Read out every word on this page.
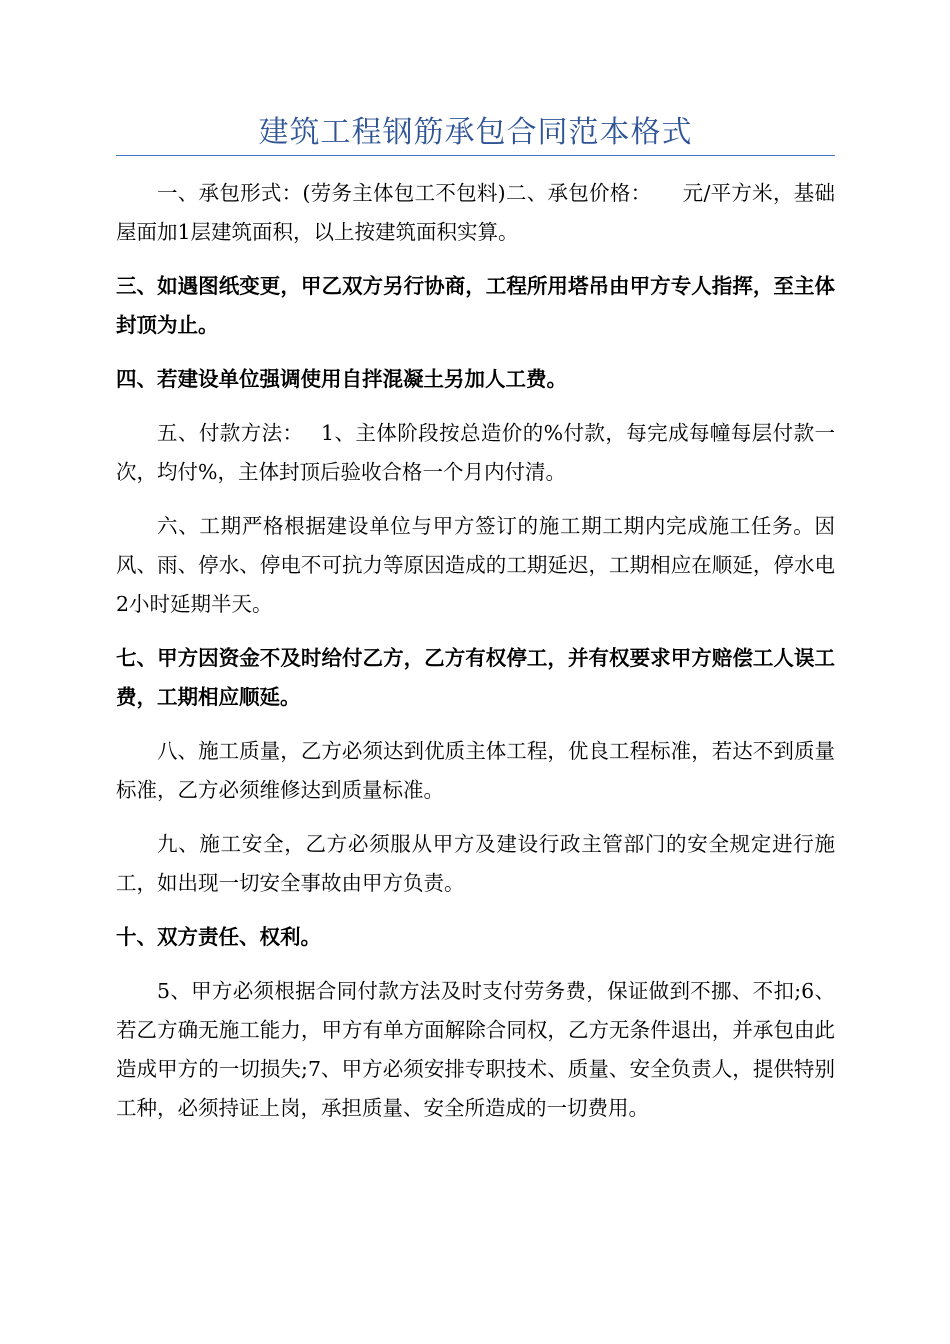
建筑工程钢筋承包合同范本格式

一、承包形式：(劳务主体包工不包料)二、承包价格：　　元/平方米，基础屋面加1层建筑面积，以上按建筑面积实算。

三、如遇图纸变更，甲乙双方另行协商，工程所用塔吊由甲方专人指挥，至主体封顶为止。

四、若建设单位强调使用自拌混凝土另加人工费。

五、付款方法：　 1、主体阶段按总造价的%付款，每完成每幢每层付款一次，均付%，主体封顶后验收合格一个月内付清。

六、工期严格根据建设单位与甲方签订的施工期工期内完成施工任务。因风、雨、停水、停电不可抗力等原因造成的工期延迟，工期相应在顺延，停水电2小时延期半天。

七、甲方因资金不及时给付乙方，乙方有权停工，并有权要求甲方赔偿工人误工费，工期相应顺延。

八、施工质量，乙方必须达到优质主体工程，优良工程标准，若达不到质量标准，乙方必须维修达到质量标准。

九、施工安全，乙方必须服从甲方及建设行政主管部门的安全规定进行施工，如出现一切安全事故由甲方负责。

十、双方责任、权利。

5、甲方必须根据合同付款方法及时支付劳务费，保证做到不挪、不扣;6、若乙方确无施工能力，甲方有单方面解除合同权，乙方无条件退出，并承包由此造成甲方的一切损失;7、甲方必须安排专职技术、质量、安全负责人，提供特别工种，必须持证上岗，承担质量、安全所造成的一切费用。
